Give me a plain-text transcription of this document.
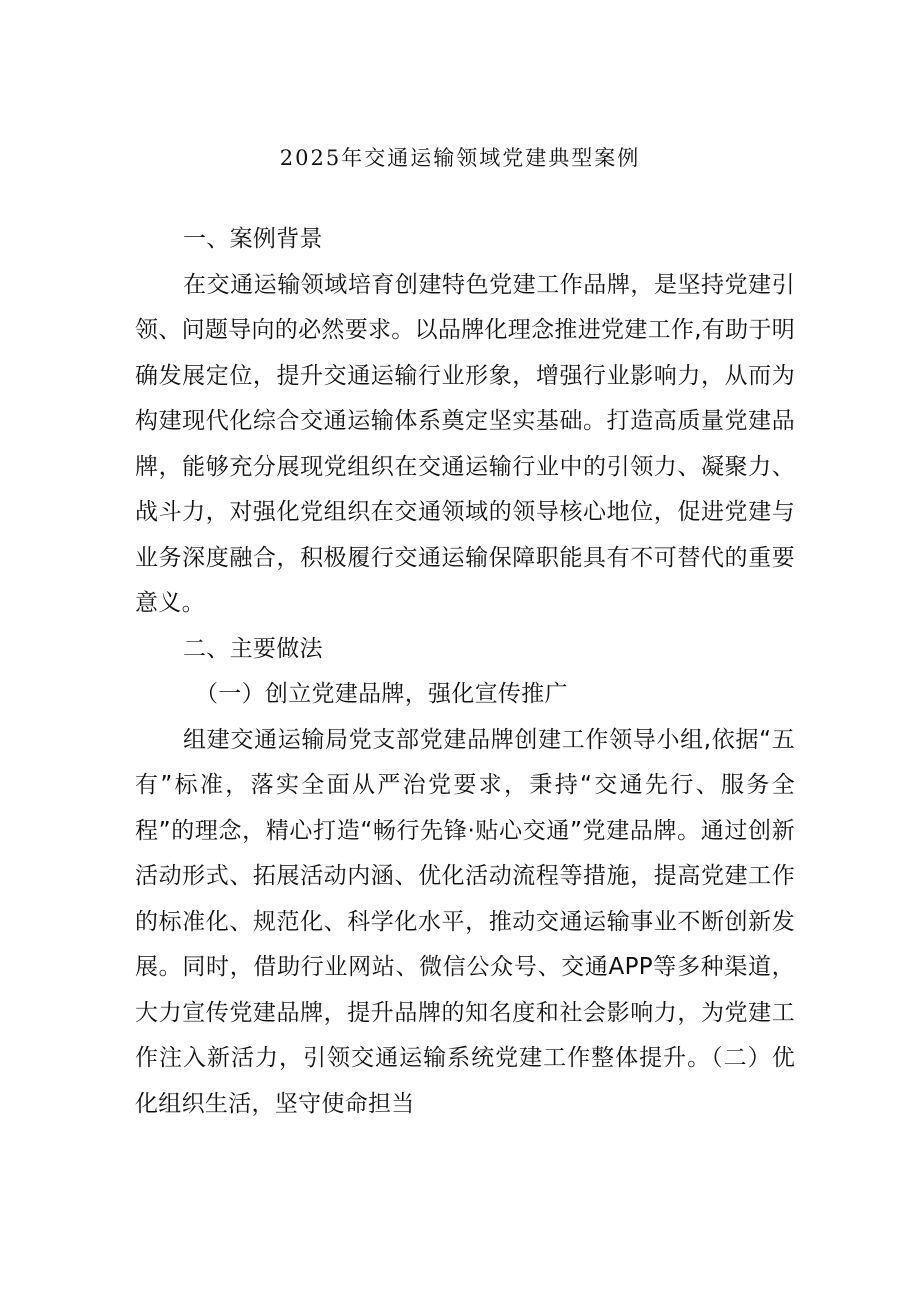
2025年交通运输领域党建典型案例

一、案例背景

在交通运输领域培育创建特色党建工作品牌，是坚持党建引领、问题导向的必然要求。以品牌化理念推进党建工作,有助于明确发展定位，提升交通运输行业形象，增强行业影响力，从而为构建现代化综合交通运输体系奠定坚实基础。打造高质量党建品牌，能够充分展现党组织在交通运输行业中的引领力、凝聚力、战斗力，对强化党组织在交通领域的领导核心地位，促进党建与业务深度融合，积极履行交通运输保障职能具有不可替代的重要意义。

二、主要做法

（一）创立党建品牌，强化宣传推广

组建交通运输局党支部党建品牌创建工作领导小组,依据“五有”标准，落实全面从严治党要求，秉持“交通先行、服务全程”的理念，精心打造“畅行先锋·贴心交通”党建品牌。通过创新活动形式、拓展活动内涵、优化活动流程等措施，提高党建工作的标准化、规范化、科学化水平，推动交通运输事业不断创新发展。同时，借助行业网站、微信公众号、交通APP等多种渠道，大力宣传党建品牌，提升品牌的知名度和社会影响力，为党建工作注入新活力，引领交通运输系统党建工作整体提升。（二）优化组织生活，坚守使命担当
